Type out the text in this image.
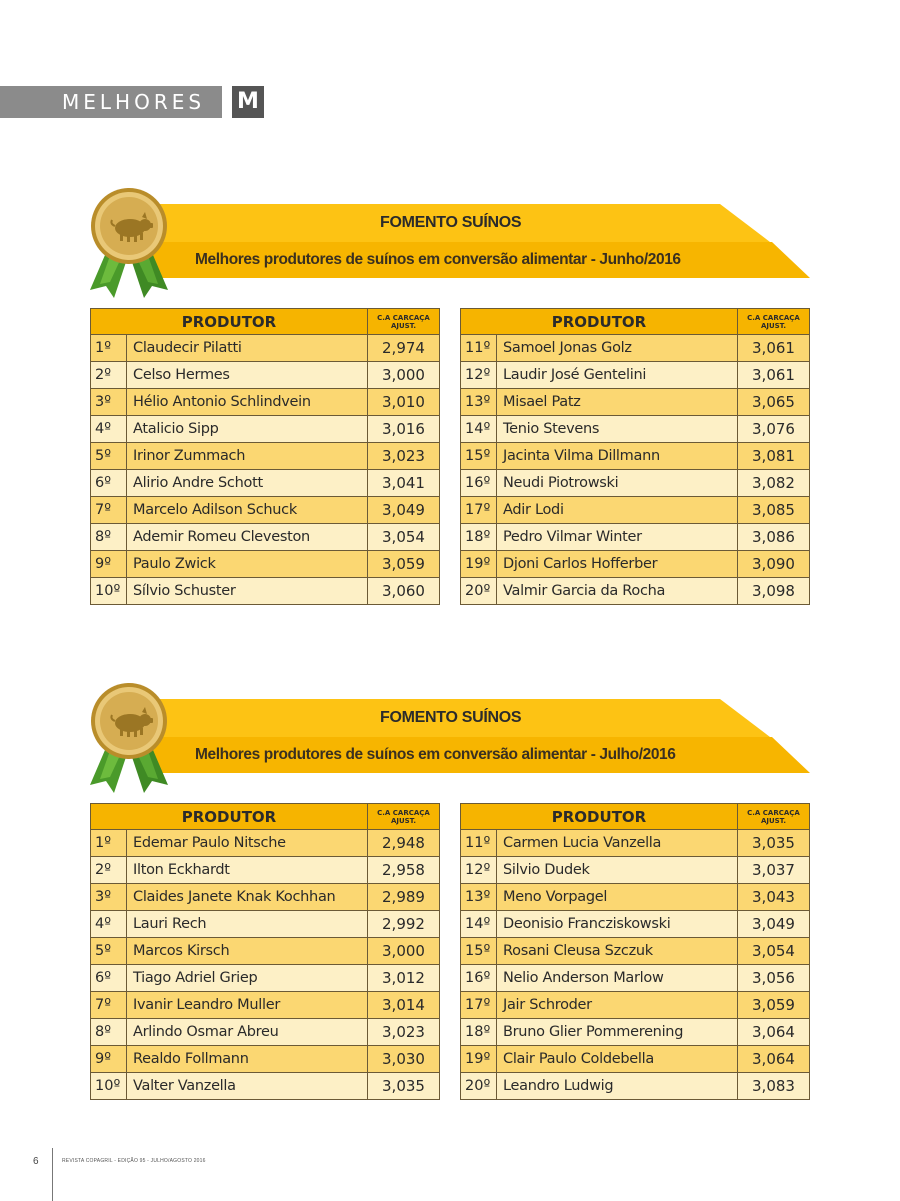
MELHORES M
FOMENTO SUÍNOS
Melhores produtores de suínos em conversão alimentar - Junho/2016
PRODUTOR		C.A CARCAÇA
AJUST.
1º	Claudecir Pilatti	2,974
2º	Celso Hermes	3,000
3º	Hélio Antonio Schlindvein	3,010
4º	Atalicio Sipp	3,016
5º	Irinor Zummach	3,023
6º	Alirio Andre Schott	3,041
7º	Marcelo Adilson Schuck	3,049
8º	Ademir Romeu Cleveston	3,054
9º	Paulo Zwick	3,059
10º	Sílvio Schuster	3,060
PRODUTOR		C.A CARCAÇA
AJUST.
11º	Samoel Jonas Golz	3,061
12º	Laudir José Gentelini	3,061
13º	Misael Patz	3,065
14º	Tenio Stevens	3,076
15º	Jacinta Vilma Dillmann	3,081
16º	Neudi Piotrowski	3,082
17º	Adir Lodi	3,085
18º	Pedro Vilmar Winter	3,086
19º	Djoni Carlos Hofferber	3,090
20º	Valmir Garcia da Rocha	3,098
FOMENTO SUÍNOS
Melhores produtores de suínos em conversão alimentar - Julho/2016
PRODUTOR		C.A CARCAÇA
AJUST.
1º	Edemar Paulo Nitsche	2,948
2º	Ilton Eckhardt	2,958
3º	Claides Janete Knak Kochhan	2,989
4º	Lauri Rech	2,992
5º	Marcos Kirsch	3,000
6º	Tiago Adriel Griep	3,012
7º	Ivanir Leandro Muller	3,014
8º	Arlindo Osmar Abreu	3,023
9º	Realdo Follmann	3,030
10º	Valter Vanzella	3,035
PRODUTOR		C.A CARCAÇA
AJUST.
11º	Carmen Lucia Vanzella	3,035
12º	Silvio Dudek	3,037
13º	Meno Vorpagel	3,043
14º	Deonisio Francziskowski	3,049
15º	Rosani Cleusa Szczuk	3,054
16º	Nelio Anderson Marlow	3,056
17º	Jair Schroder	3,059
18º	Bruno Glier Pommerening	3,064
19º	Clair Paulo Coldebella	3,064
20º	Leandro Ludwig	3,083
6	REVISTA COPAGRIL - EDIÇÃO 95 - JULHO/AGOSTO 2016
